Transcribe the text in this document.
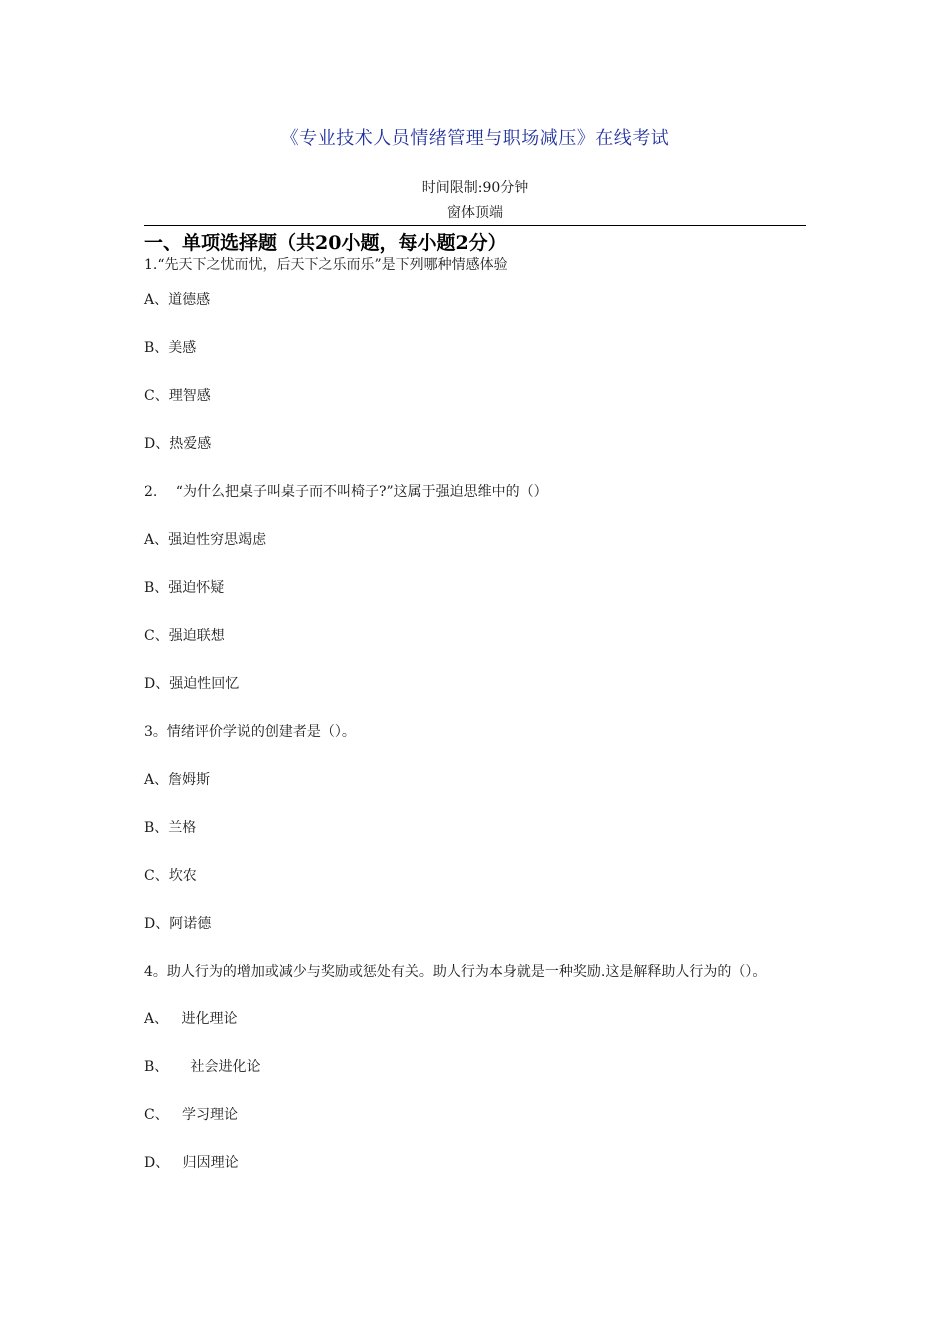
《专业技术人员情绪管理与职场减压》在线考试
时间限制:90分钟
窗体顶端
一、单项选择题（共20小题，每小题2分）
1.“先天下之忧而忧，后天下之乐而乐”是下列哪种情感体验
A、道德感
B、美感
C、理智感
D、热爱感
2.　 “为什么把桌子叫桌子而不叫椅子?”这属于强迫思维中的（）
A、强迫性穷思竭虑
B、强迫怀疑
C、强迫联想
D、强迫性回忆
3。情绪评价学说的创建者是（）。
A、詹姆斯
B、兰格
C、坎农
D、阿诺德
4。助人行为的增加或减少与奖励或惩处有关。助人行为本身就是一种奖励.这是解释助人行为的（）。
A、   进化理论
B、     社会进化论
C、   学习理论
D、   归因理论
